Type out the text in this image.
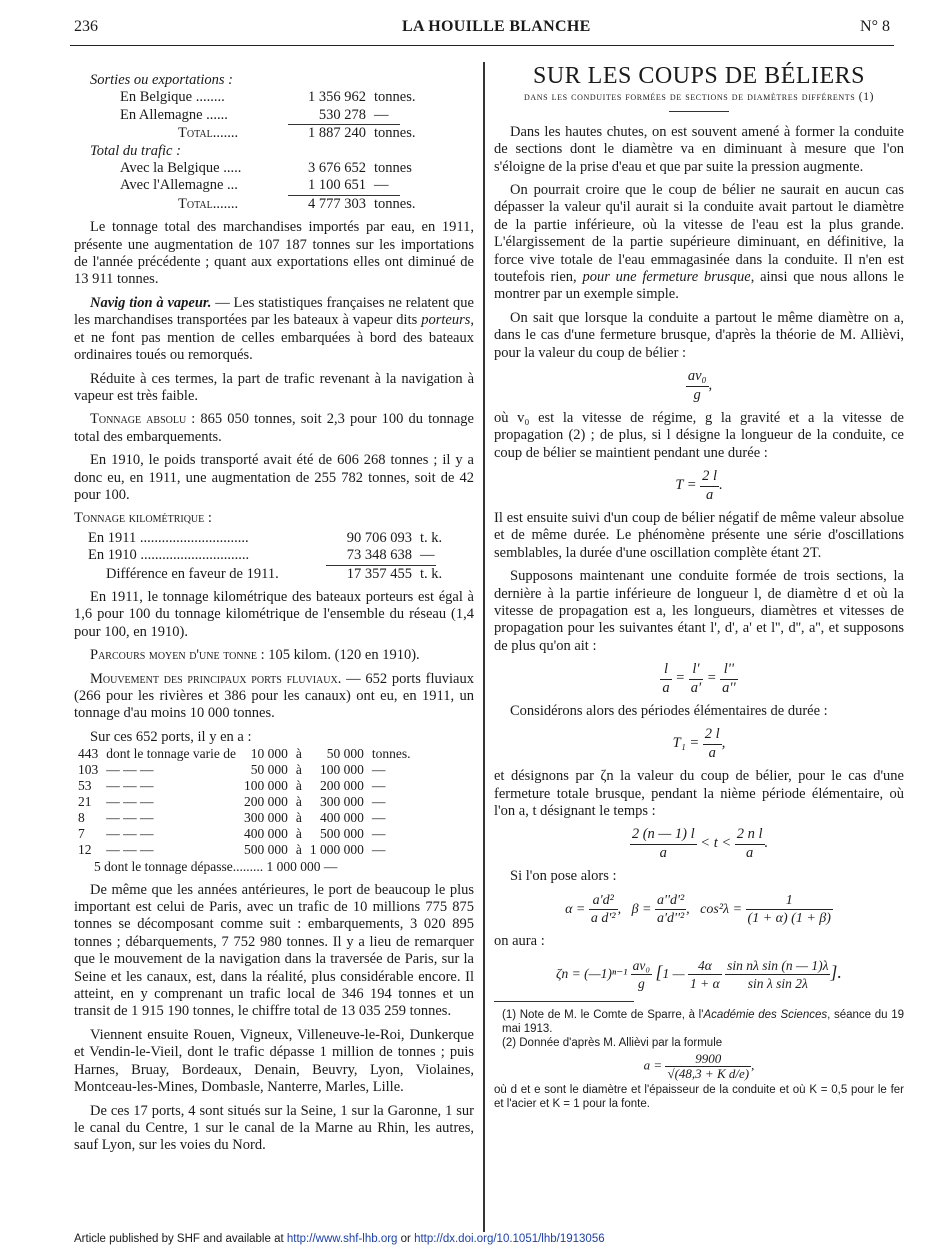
236	LA HOUILLE BLANCHE	N° 8
Sorties ou exportations :
En Belgique ........	1 356 962 tonnes.
En Allemagne ......	530 278 —
Total.......	1 887 240 tonnes.
Total du trafic :
Avec la Belgique .....	3 676 652 tonnes
Avec l'Allemagne ...	1 100 651 —
Total.......	4 777 303 tonnes.

Le tonnage total des marchandises importés par eau, en 1911, présente une augmentation de 107 187 tonnes sur les importations de l'année précédente ; quant aux exportations elles ont diminué de 13 911 tonnes.

Navig tion à vapeur. — Les statistiques françaises ne relatent que les marchandises transportées par les bateaux à vapeur dits porteurs, et ne font pas mention de celles embarquées à bord des bateaux ordinaires toués ou remorqués.

Réduite à ces termes, la part de trafic revenant à la navigation à vapeur est très faible.

Tonnage absolu : 865 050 tonnes, soit 2,3 pour 100 du tonnage total des embarquements.

En 1910, le poids transporté avait été de 606 268 tonnes ; il y a donc eu, en 1911, une augmentation de 255 782 tonnes, soit de 42 pour 100.

Tonnage kilométrique :
En 1911 ..............................	90 706 093 t. k.
En 1910 ..............................	73 348 638 —
Différence en faveur de 1911.	17 357 455 t. k.

En 1911, le tonnage kilométrique des bateaux porteurs est égal à 1,6 pour 100 du tonnage kilométrique de l'ensemble du réseau (1,4 pour 100, en 1910).

Parcours moyen d'une tonne : 105 kilom. (120 en 1910).

Mouvement des principaux ports fluviaux. — 652 ports fluviaux (266 pour les rivières et 386 pour les canaux) ont eu, en 1911, un tonnage d'au moins 10 000 tonnes.

Sur ces 652 ports, il y en a :
443	dont le tonnage varie de	10 000	à	50 000	tonnes.
103	— — —	50 000	à	100 000	—
53	— — —	100 000	à	200 000	—
21	— — —	200 000	à	300 000	—
8	— — —	300 000	à	400 000	—
7	— — —	400 000	à	500 000	—
12	— — —	500 000	à	1 000 000	—
5 dont le tonnage dépasse......... 1 000 000 —

De même que les années antérieures, le port de beaucoup le plus important est celui de Paris, avec un trafic de 10 millions 775 875 tonnes se décomposant comme suit : embarquements, 3 020 895 tonnes ; débarquements, 7 752 980 tonnes. Il y a lieu de remarquer que le mouvement de la navigation dans la traversée de Paris, sur la Seine et les canaux, est, dans la réalité, plus considérable encore. Il atteint, en y comprenant un trafic local de 346 194 tonnes et un transit de 1 915 190 tonnes, le chiffre total de 13 035 259 tonnes.

Viennent ensuite Rouen, Vigneux, Villeneuve-le-Roi, Dunkerque et Vendin-le-Vieil, dont le trafic dépasse 1 million de tonnes ; puis Harnes, Bruay, Bordeaux, Denain, Beuvry, Lyon, Violaines, Montceau-les-Mines, Dombasle, Nanterre, Marles, Lille.

De ces 17 ports, 4 sont situés sur la Seine, 1 sur la Garonne, 1 sur le canal du Centre, 1 sur le canal de la Marne au Rhin, les autres, sauf Lyon, sur les voies du Nord.

SUR LES COUPS DE BÉLIERS
dans les conduites formées de sections de diamètres différents (1)

Dans les hautes chutes, on est souvent amené à former la conduite de sections dont le diamètre va en diminuant à mesure que l'on s'éloigne de la prise d'eau et que par suite la pression augmente.

On pourrait croire que le coup de bélier ne saurait en aucun cas dépasser la valeur qu'il aurait si la conduite avait partout le diamètre de la partie inférieure, où la vitesse de l'eau est la plus grande. L'élargissement de la partie supérieure diminuant, en définitive, la force vive totale de l'eau emmagasinée dans la conduite. Il n'en est toutefois rien, pour une fermeture brusque, ainsi que nous allons le montrer par un exemple simple.

On sait que lorsque la conduite a partout le même diamètre on a, dans le cas d'une fermeture brusque, d'après la théorie de M. Allièvi, pour la valeur du coup de bélier :

$\frac{\text{av₀}}{g}$ ,

où v₀ est la vitesse de régime, g la gravité et a la vitesse de propagation (2) ; de plus, si l désigne la longueur de la conduite, ce coup de bélier se maintient pendant une durée :

$T = \frac{2 l}{a}$ .

Il est ensuite suivi d'un coup de bélier négatif de même valeur absolue et de même durée. Le phénomène présente une série d'oscillations semblables, la durée d'une oscillation complète étant 2T.

Supposons maintenant une conduite formée de trois sections, la dernière à la partie inférieure de longueur l, de diamètre d et où la vitesse de propagation est a, les longueurs, diamètres et vitesses de propagation pour les suivantes étant l', d', a' et l'', d'', a'', et supposons de plus qu'on ait :

$\frac{l}{a} = \frac{l'}{a'} = \frac{l''}{a''}$

Considérons alors des périodes élémentaires de durée :

$T_1 = \frac{2 l}{a}$ ,

et désignons par ζn la valeur du coup de bélier, pour le cas d'une fermeture totale brusque, pendant la nième période élémentaire, où l'on a, t désignant le temps :

$\frac{2 (n — 1) l}{a} < t < \frac{\text{2 n l}}{a}$ .

Si l'on pose alors :

$\alpha = \frac{\text{a'd²}}{\text{a d'²}}$ ,   $\beta = \frac{\text{a''d'²}}{\text{a'd''²}}$ ,   $\cos^2\lambda = \frac{1}{(1 + \alpha) (1 + \beta)}$

on aura :

ζn = (—1)ⁿ⁻¹ $\frac{\text{av₀}}{g} [1$ — $\frac{4\alpha}{1 + \alpha}$
$\frac{\text{sin nλ sin (n — 1)λ}}{\text{sin λ sin 2λ}}$ ].
(1) Note de M. le Comte de Sparre, à l'Académie des Sciences, séance du 19 mai 1913.
(2) Donnée d'après M. Allièvi par la formule
$a = \frac{9900}{\text{√(48,3 + K d/e)}}$ ,
où d et e sont le diamètre et l'épaisseur de la conduite et où K = 0,5 pour le fer et l'acier et K = 1 pour la fonte.
Article published by SHF and available at http://www.shf-lhb.org or http://dx.doi.org/10.1051/lhb/1913056
